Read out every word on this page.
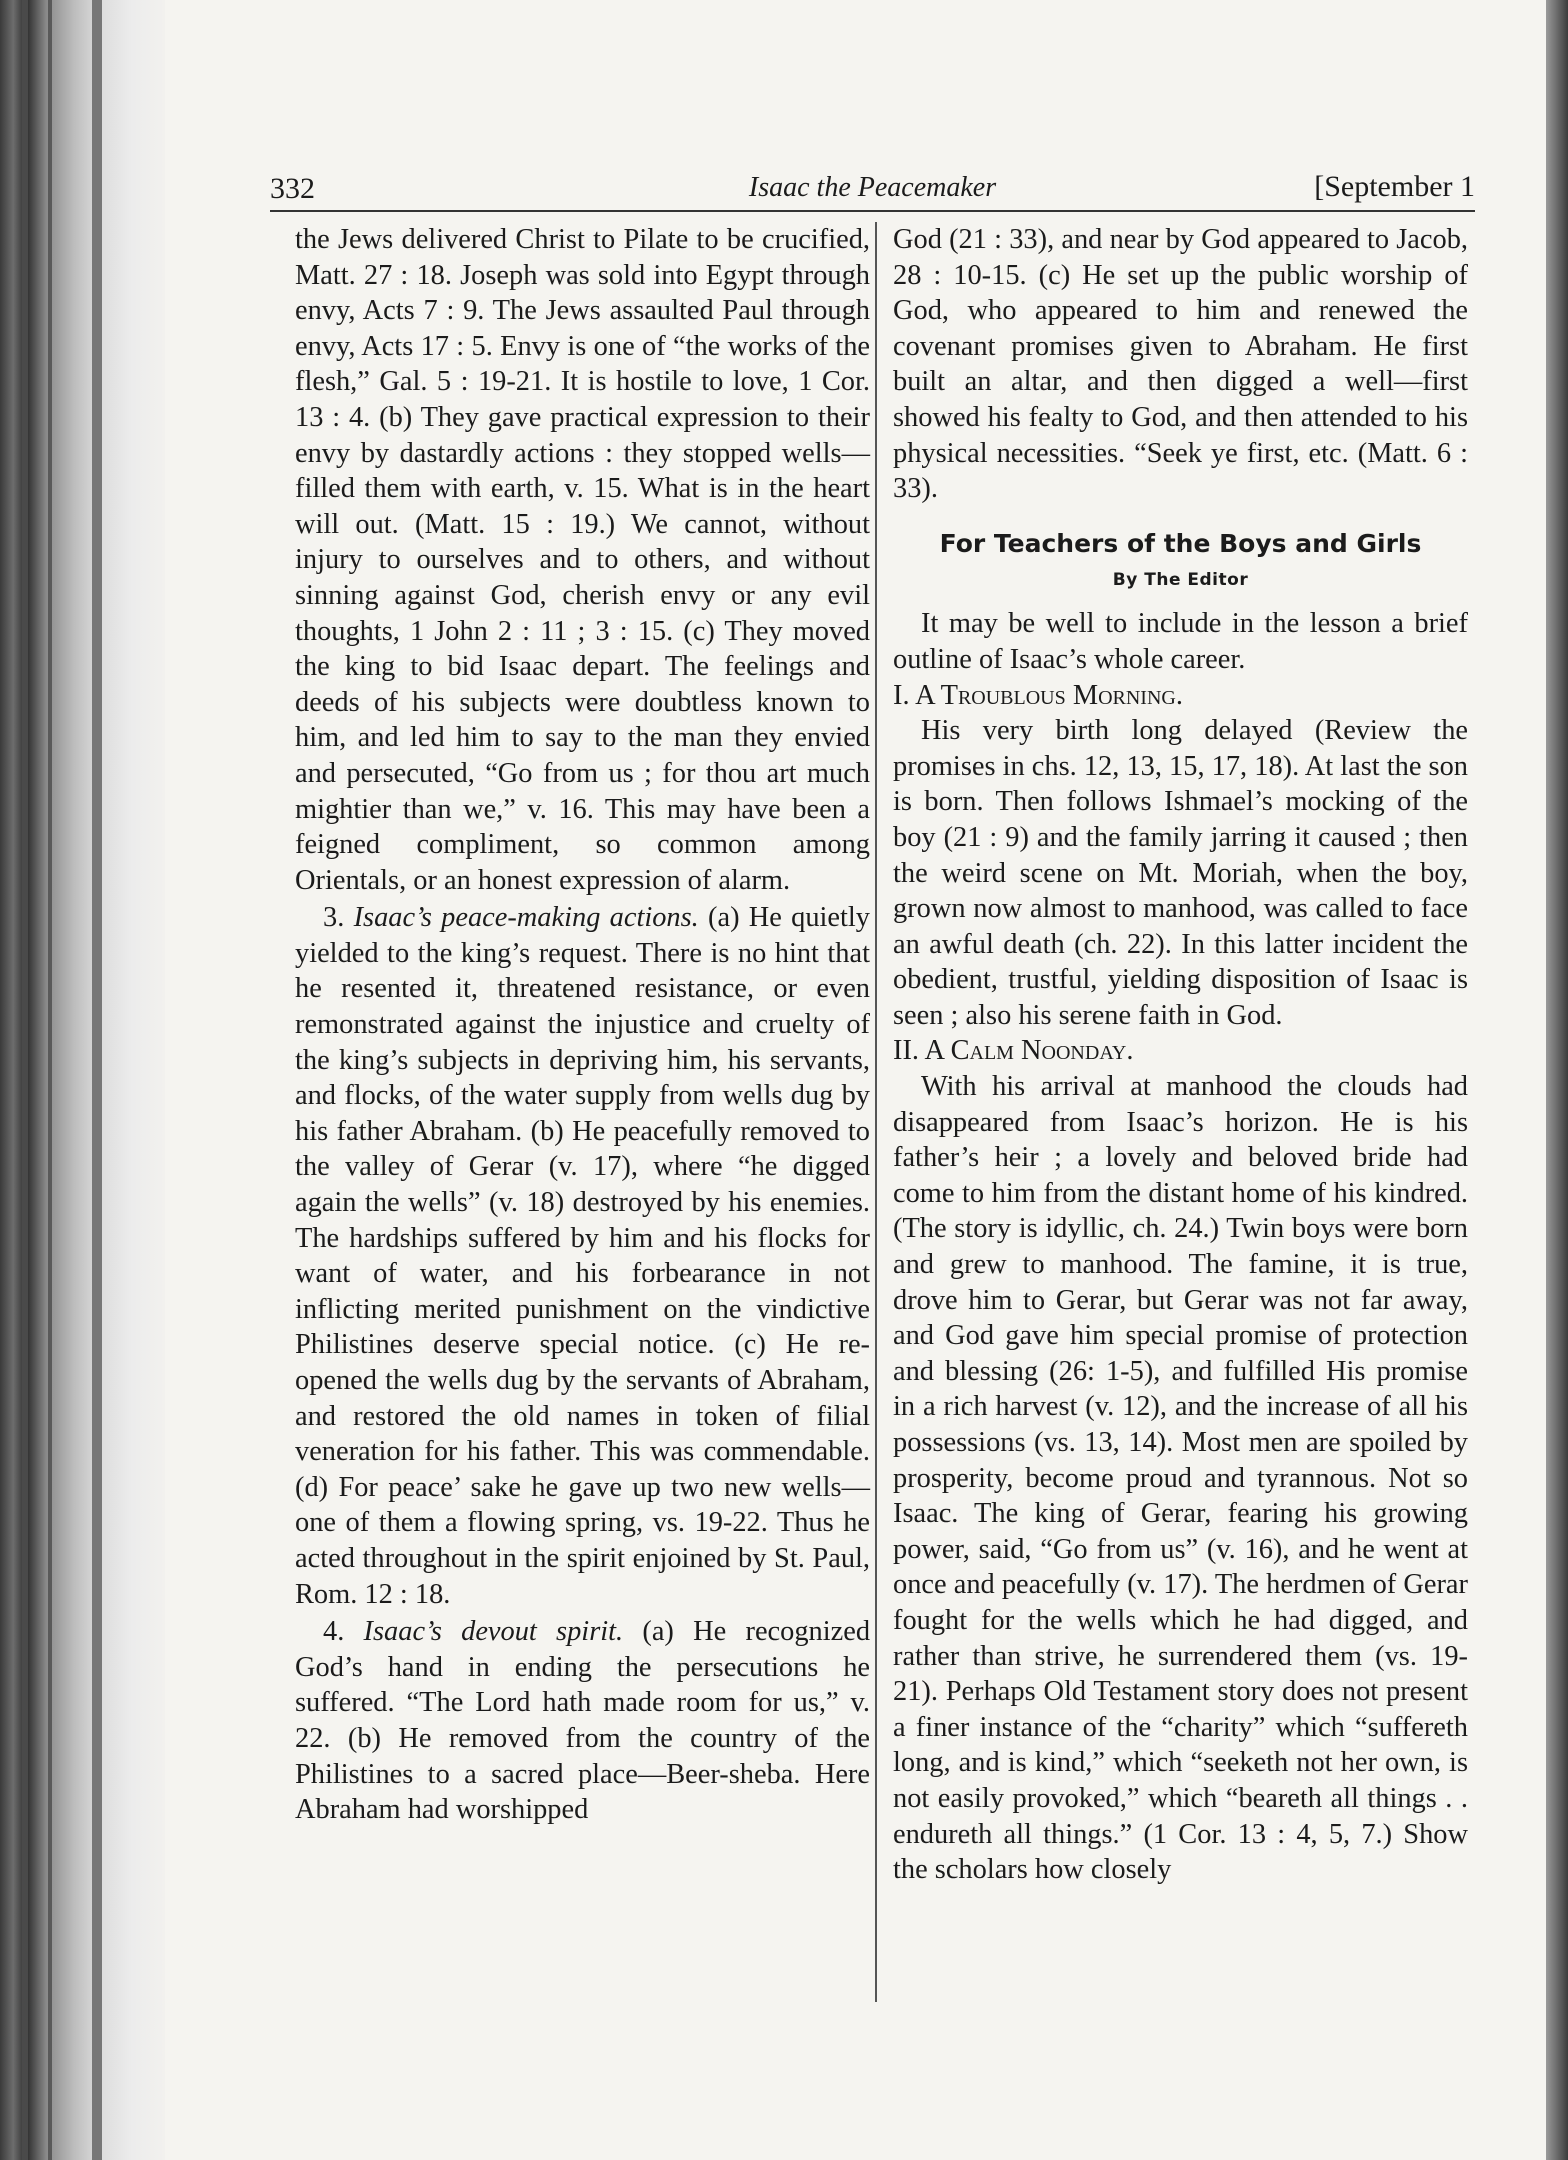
332	Isaac the Peacemaker	[September 1

the Jews delivered Christ to Pilate to be crucified, Matt. 27 : 18. Joseph was sold into Egypt through envy, Acts 7 : 9. The Jews assaulted Paul through envy, Acts 17 : 5. Envy is one of “the works of the flesh,” Gal. 5 : 19-21. It is hostile to love, 1 Cor. 13 : 4. (b) They gave practical expression to their envy by dastardly actions : they stopped wells—filled them with earth, v. 15. What is in the heart will out. (Matt. 15 : 19.) We cannot, without injury to ourselves and to others, and without sinning against God, cherish envy or any evil thoughts, 1 John 2 : 11 ; 3 : 15. (c) They moved the king to bid Isaac depart. The feelings and deeds of his subjects were doubtless known to him, and led him to say to the man they envied and persecuted, “Go from us ; for thou art much mightier than we,” v. 16. This may have been a feigned compliment, so common among Orientals, or an honest expression of alarm.

3. Isaac’s peace-making actions. (a) He quietly yielded to the king’s request. There is no hint that he resented it, threatened resistance, or even remonstrated against the injustice and cruelty of the king’s subjects in depriving him, his servants, and flocks, of the water supply from wells dug by his father Abraham. (b) He peacefully removed to the valley of Gerar (v. 17), where “he digged again the wells” (v. 18) destroyed by his enemies. The hardships suffered by him and his flocks for want of water, and his forbearance in not inflicting merited punishment on the vindictive Philistines deserve special notice. (c) He re-opened the wells dug by the servants of Abraham, and restored the old names in token of filial veneration for his father. This was commendable. (d) For peace’ sake he gave up two new wells—one of them a flowing spring, vs. 19-22. Thus he acted throughout in the spirit enjoined by St. Paul, Rom. 12 : 18.

4. Isaac’s devout spirit. (a) He recognized God’s hand in ending the persecutions he suffered. “The Lord hath made room for us,” v. 22. (b) He removed from the country of the Philistines to a sacred place—Beer-sheba. Here Abraham had worshipped

God (21 : 33), and near by God appeared to Jacob, 28 : 10-15. (c) He set up the public worship of God, who appeared to him and renewed the covenant promises given to Abraham. He first built an altar, and then digged a well—first showed his fealty to God, and then attended to his physical necessities. “Seek ye first, etc. (Matt. 6 : 33).

For Teachers of the Boys and Girls
By The Editor

It may be well to include in the lesson a brief outline of Isaac’s whole career.

I. A Troublous Morning.

His very birth long delayed (Review the promises in chs. 12, 13, 15, 17, 18). At last the son is born. Then follows Ishmael’s mocking of the boy (21 : 9) and the family jarring it caused ; then the weird scene on Mt. Moriah, when the boy, grown now almost to manhood, was called to face an awful death (ch. 22). In this latter incident the obedient, trustful, yielding disposition of Isaac is seen ; also his serene faith in God.

II. A Calm Noonday.

With his arrival at manhood the clouds had disappeared from Isaac’s horizon. He is his father’s heir ; a lovely and beloved bride had come to him from the distant home of his kindred. (The story is idyllic, ch. 24.) Twin boys were born and grew to manhood. The famine, it is true, drove him to Gerar, but Gerar was not far away, and God gave him special promise of protection and blessing (26: 1-5), and fulfilled His promise in a rich harvest (v. 12), and the increase of all his possessions (vs. 13, 14). Most men are spoiled by prosperity, become proud and tyrannous. Not so Isaac. The king of Gerar, fearing his growing power, said, “Go from us” (v. 16), and he went at once and peacefully (v. 17). The herdmen of Gerar fought for the wells which he had digged, and rather than strive, he surrendered them (vs. 19-21). Perhaps Old Testament story does not present a finer instance of the “charity” which “suffereth long, and is kind,” which “seeketh not her own, is not easily provoked,” which “beareth all things . . endureth all things.” (1 Cor. 13 : 4, 5, 7.) Show the scholars how closely
